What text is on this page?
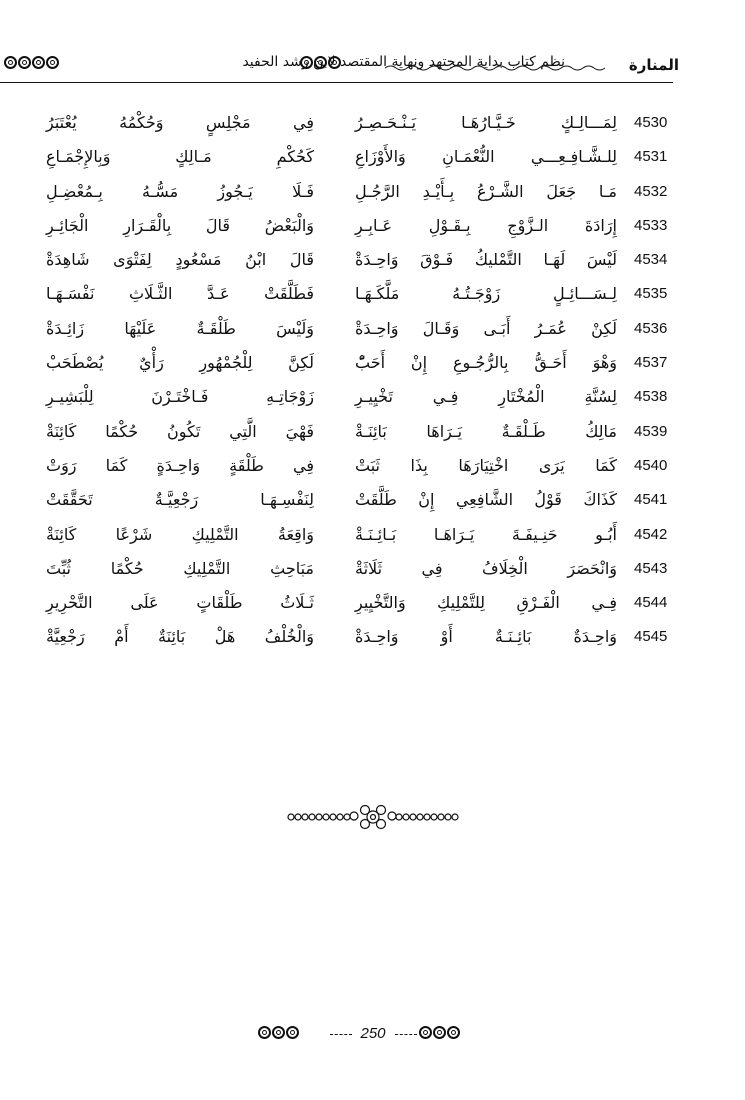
نظم كتاب بداية المجتهد ونهاية المقتصد لابن رشد الحفيد	المنارة
4530
لِمَـــالِـكٍ خَـيَّـارُهَـا يَـنْـحَـصِـرُ
فِي مَجْلِسٍ وَحُكْمُهُ يُعْتَبَرُ
4531
لِلـشَّـافِـعِـــي النُّعْمَـانِ وَالأَوْزَاعِ
كَحُكْمِ مَـالِكٍ وَبِالإِجْمَـاعِ
4532
مَـا جَعَلَ الشَّـرْعُ بِـأَيْـدِ الرَّجُـلِ
فَـلَا يَـجُوزُ مَسُّـهُ بِـمُعْضِـلِ
4533
إِرَادَةَ الـزَّوْجِ بِـقَـوْلِ عَـابِـرِ
وَالْبَعْضُ قَالَ بِالْقَـرَارِ الْجَائِـرِ
4534
لَيْسَ لَهَـا التَّمْليكُ فَـوْقَ وَاحِـدَةْ
قَالَ ابْنُ مَسْعُودٍ لِفَتْوَى شَاهِدَةْ
4535
لِـسَـــائِـلٍ زَوْجَـتُـهُ مَلَّكَـهَـا
فَطَلَّقَتْ عَـدَّ الثَّـلَاثِ نَفْسَـهَـا
4536
لَكِنْ عُمَـرُ أَبَـى وَقَـالَ وَاحِـدَةْ
وَلَيْسَ طَلْقَـةٌ عَلَيْهَا زَائِـدَةْ
4537
وَهْوَ أَحَـقُّ بِالرُّجُـوعِ إِنْ أَحَبّْ
لَكِنَّ لِلْجُمْهُورِ رَأْيٌ يُصْطَحَبْ
4538
لِسُنَّةِ الْمُخْتَارِ فِـي تَخْيِيـرِ
زَوْجَاتِـهِ فَـاخْتَـرْنَ لِلْبَشِيـرِ
4539
مَالِكُ طَـلْقَـةٌ يَـرَاهَا بَائِنَـةْ
فَهْيَ الَّتِي تَكُونُ حُكْمًا كَائِنَةْ
4540
كَمَا يَرَى اخْتِيَارَهَا بِذَا ثَبَتْ
فِي طَلْقَةٍ وَاحِـدَةٍ كَمَا رَوَتْ
4541
كَذَاكَ قَوْلُ الشَّافِعِي إِنْ طَلَّقَتْ
لِنَفْسِـهَـا رَجْعِيَّـةٌ تَحَقَّقَتْ
4542
أَبُـو حَنِـيفَـةَ يَـرَاهَـا بَـائِـنَـةْ
وَاقِعَةُ التَّمْلِيكِ شَرْعًا كَائِنَةْ
4543
وَانْحَصَرَ الْخِلَافُ فِي ثَلَاثَةْ
مَبَاحِثِ التَّمْلِيكِ حُكْمًا ثُبِّتَ
4544
فِـي الْفَـرْقِ لِلتَّمْلِيكِ وَالتَّخْيِيرِ
ثَـلَاثُ طَلْقَاتٍ عَلَى التَّحْرِيرِ
4545
وَاحِـدَةٌ بَائِـنَـةٌ أَوْ وَاحِـدَةْ
وَالْخُلْفُ هَلْ بَائِنَةٌ أَمْ رَجْعِيَّةْ
250
